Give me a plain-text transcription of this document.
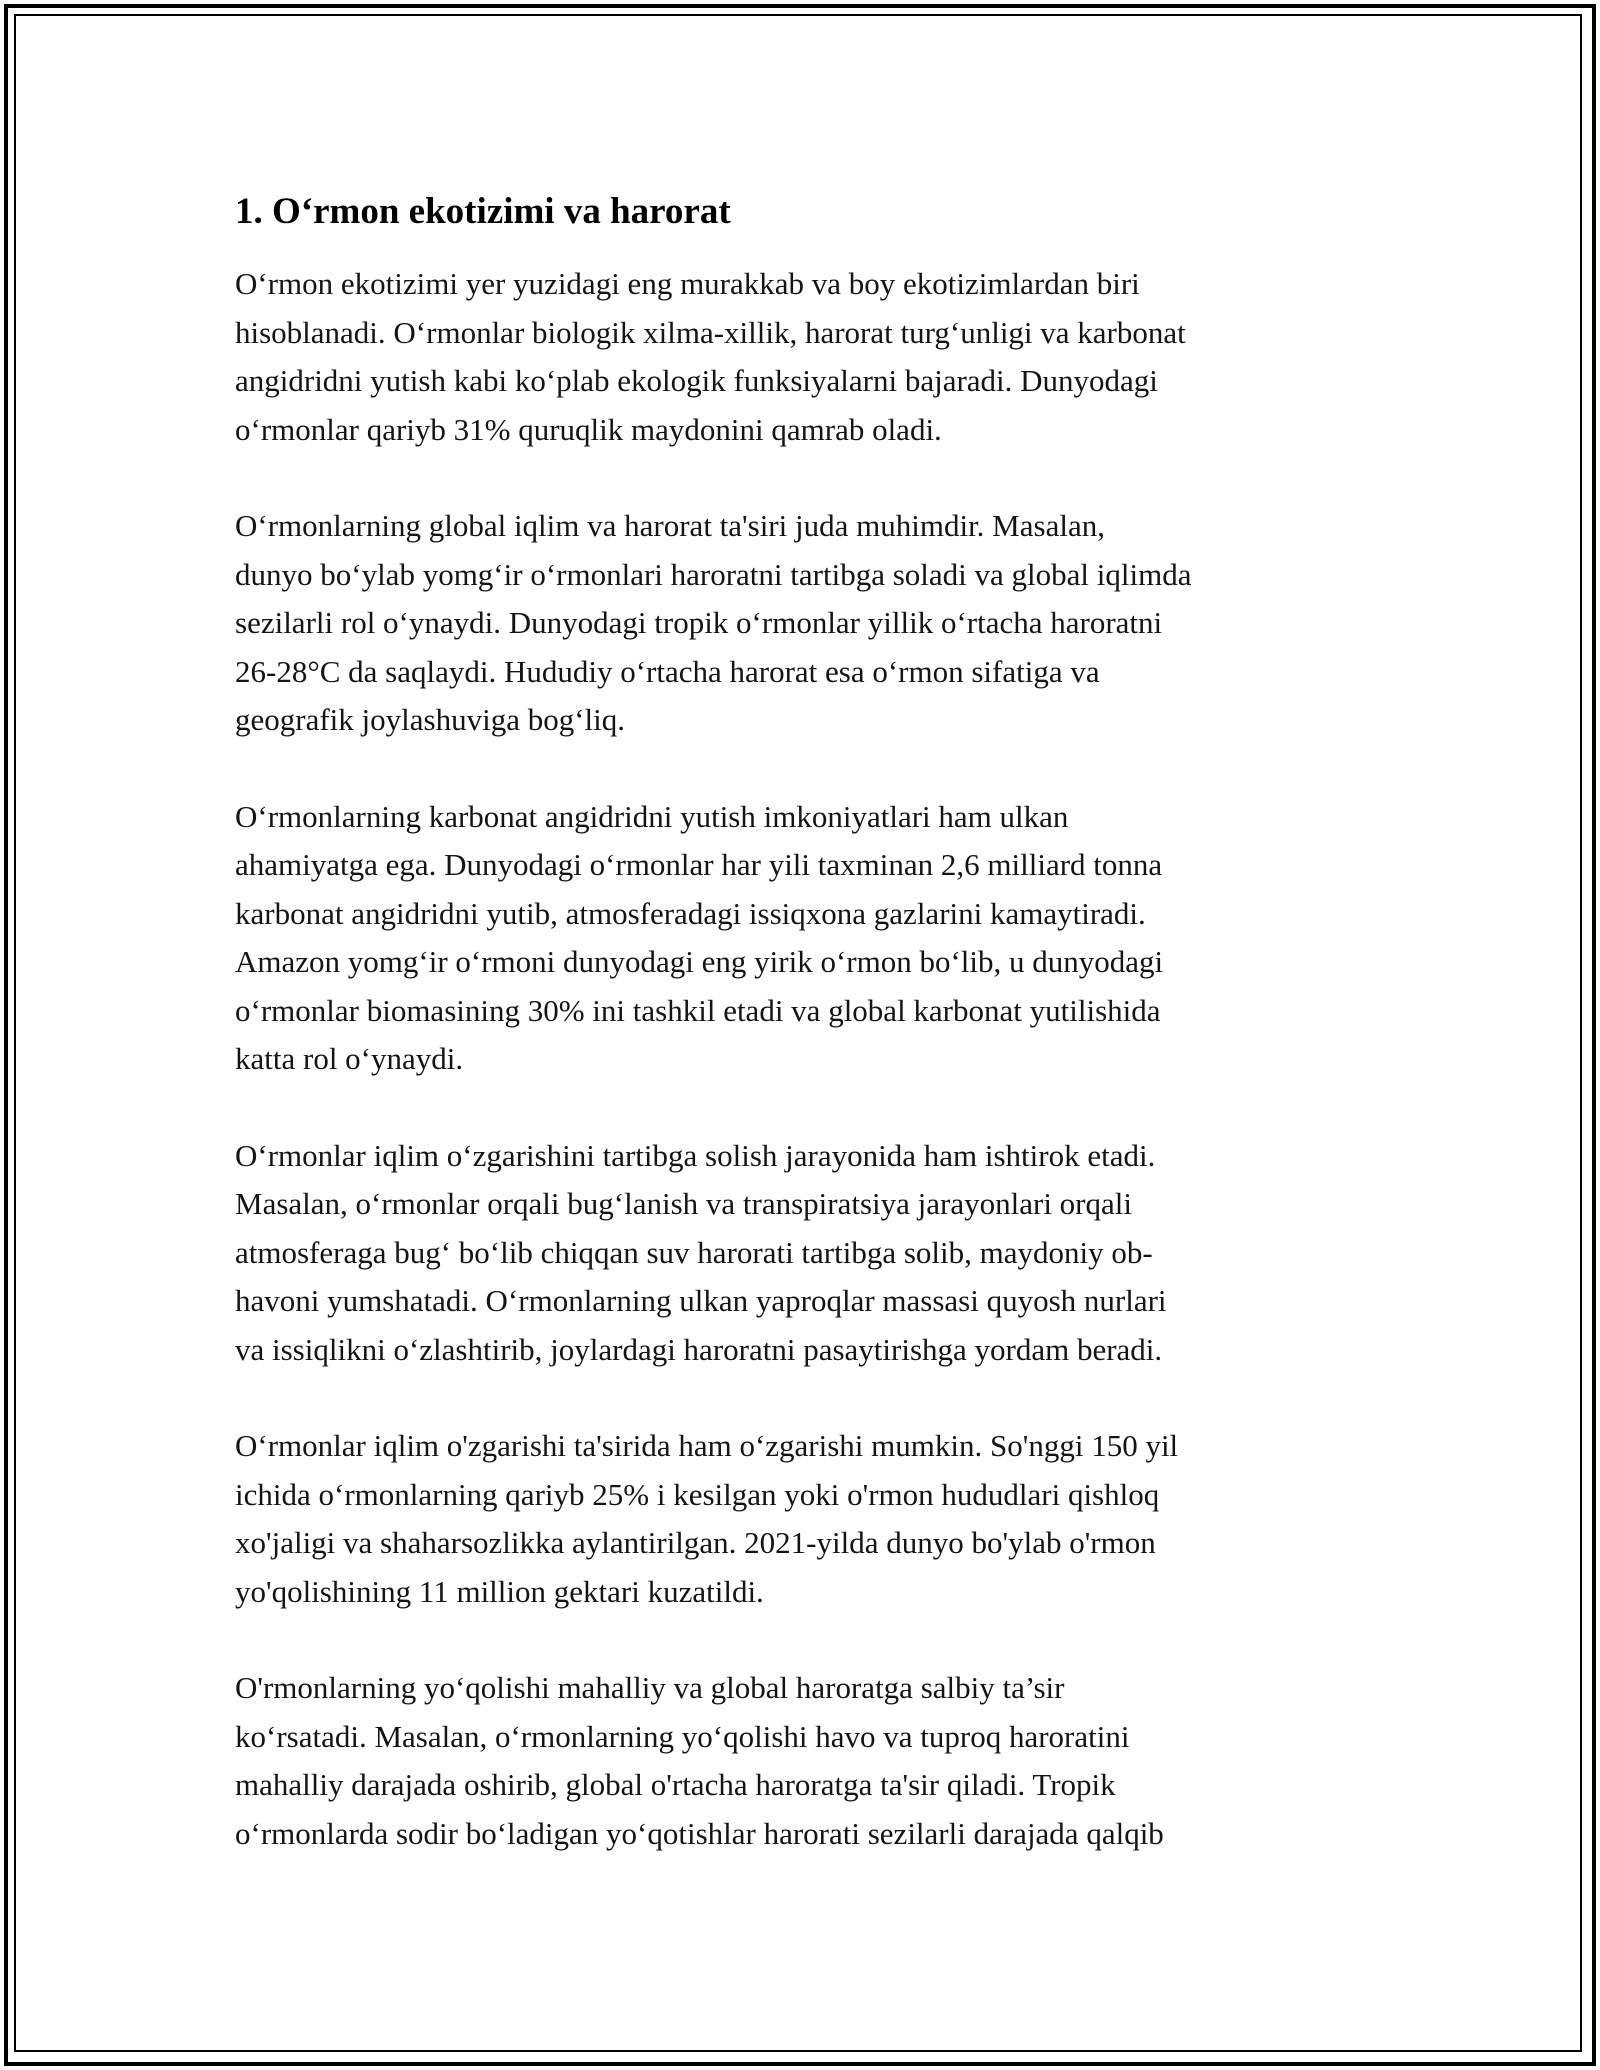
1. O‘rmon ekotizimi va harorat
O‘rmon ekotizimi yer yuzidagi eng murakkab va boy ekotizimlardan biri
hisoblanadi. O‘rmonlar biologik xilma-xillik, harorat turg‘unligi va karbonat
angidridni yutish kabi ko‘plab ekologik funksiyalarni bajaradi. Dunyodagi
o‘rmonlar qariyb 31% quruqlik maydonini qamrab oladi.
O‘rmonlarning global iqlim va harorat ta'siri juda muhimdir. Masalan,
dunyo bo‘ylab yomg‘ir o‘rmonlari haroratni tartibga soladi va global iqlimda
sezilarli rol o‘ynaydi. Dunyodagi tropik o‘rmonlar yillik o‘rtacha haroratni
26-28°C da saqlaydi. Hududiy o‘rtacha harorat esa o‘rmon sifatiga va
geografik joylashuviga bog‘liq.
O‘rmonlarning karbonat angidridni yutish imkoniyatlari ham ulkan
ahamiyatga ega. Dunyodagi o‘rmonlar har yili taxminan 2,6 milliard tonna
karbonat angidridni yutib, atmosferadagi issiqxona gazlarini kamaytiradi.
Amazon yomg‘ir o‘rmoni dunyodagi eng yirik o‘rmon bo‘lib, u dunyodagi
o‘rmonlar biomasining 30% ini tashkil etadi va global karbonat yutilishida
katta rol o‘ynaydi.
O‘rmonlar iqlim o‘zgarishini tartibga solish jarayonida ham ishtirok etadi.
Masalan, o‘rmonlar orqali bug‘lanish va transpiratsiya jarayonlari orqali
atmosferaga bug‘ bo‘lib chiqqan suv harorati tartibga solib, maydoniy ob-
havoni yumshatadi. O‘rmonlarning ulkan yaproqlar massasi quyosh nurlari
va issiqlikni o‘zlashtirib, joylardagi haroratni pasaytirishga yordam beradi.
O‘rmonlar iqlim o'zgarishi ta'sirida ham o‘zgarishi mumkin. So'nggi 150 yil
ichida o‘rmonlarning qariyb 25% i kesilgan yoki o'rmon hududlari qishloq
xo'jaligi va shaharsozlikka aylantirilgan. 2021-yilda dunyo bo'ylab o'rmon
yo'qolishining 11 million gektari kuzatildi.
O'rmonlarning yo‘qolishi mahalliy va global haroratga salbiy ta’sir
ko‘rsatadi. Masalan, o‘rmonlarning yo‘qolishi havo va tuproq haroratini
mahalliy darajada oshirib, global o'rtacha haroratga ta'sir qiladi. Tropik
o‘rmonlarda sodir bo‘ladigan yo‘qotishlar harorati sezilarli darajada qalqib
